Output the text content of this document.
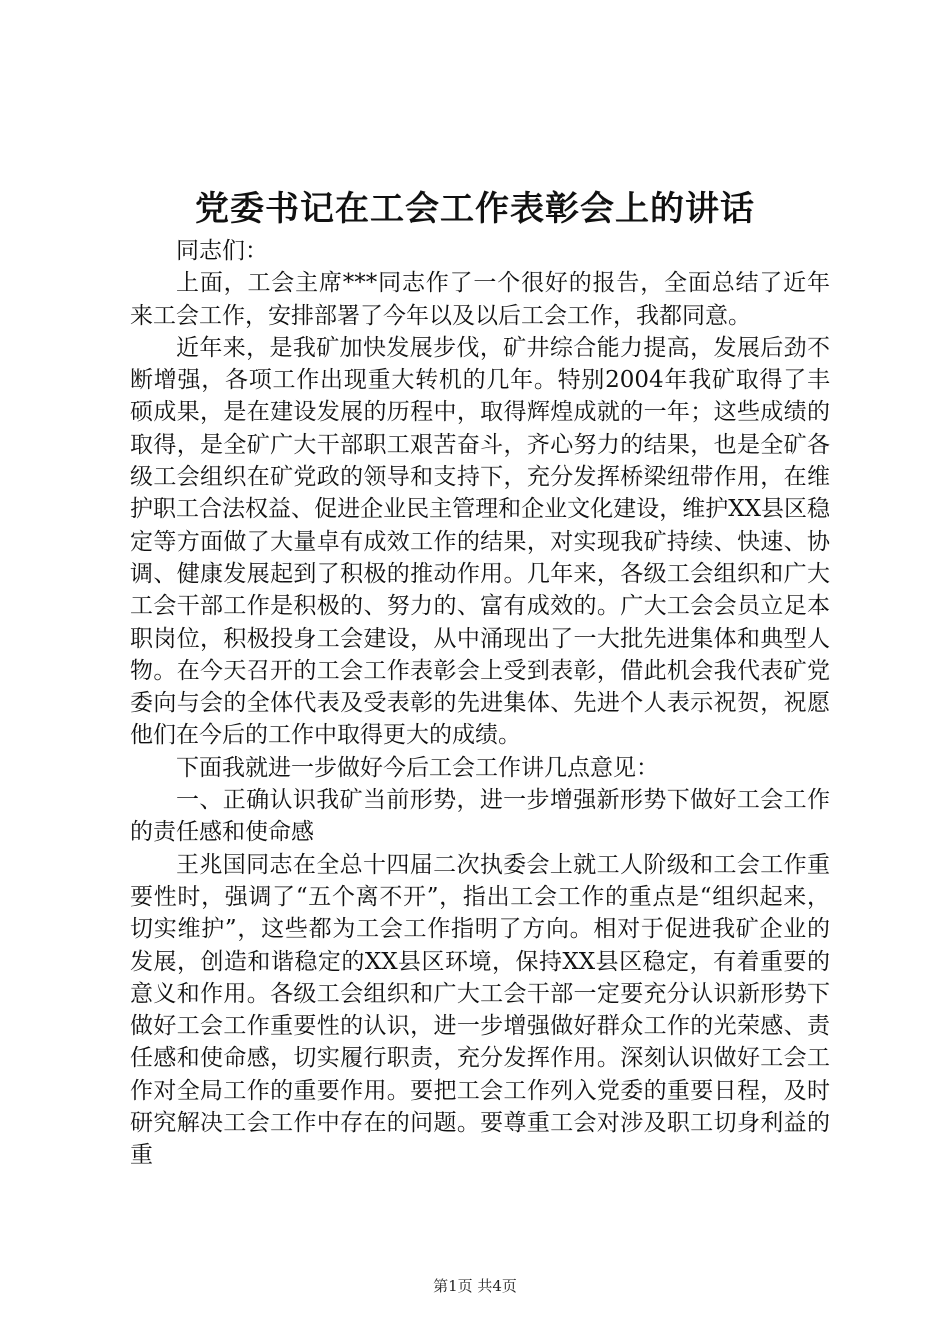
党委书记在工会工作表彰会上的讲话

同志们：

上面，工会主席***同志作了一个很好的报告，全面总结了近年来工会工作，安排部署了今年以及以后工会工作，我都同意。

近年来，是我矿加快发展步伐，矿井综合能力提高，发展后劲不断增强，各项工作出现重大转机的几年。特别2004年我矿取得了丰硕成果，是在建设发展的历程中，取得辉煌成就的一年；这些成绩的取得，是全矿广大干部职工艰苦奋斗，齐心努力的结果，也是全矿各级工会组织在矿党政的领导和支持下，充分发挥桥梁纽带作用，在维护职工合法权益、促进企业民主管理和企业文化建设，维护XX县区稳定等方面做了大量卓有成效工作的结果，对实现我矿持续、快速、协调、健康发展起到了积极的推动作用。几年来，各级工会组织和广大工会干部工作是积极的、努力的、富有成效的。广大工会会员立足本职岗位，积极投身工会建设，从中涌现出了一大批先进集体和典型人物。在今天召开的工会工作表彰会上受到表彰，借此机会我代表矿党委向与会的全体代表及受表彰的先进集体、先进个人表示祝贺，祝愿他们在今后的工作中取得更大的成绩。

下面我就进一步做好今后工会工作讲几点意见：

一、正确认识我矿当前形势，进一步增强新形势下做好工会工作的责任感和使命感

王兆国同志在全总十四届二次执委会上就工人阶级和工会工作重要性时，强调了“五个离不开”，指出工会工作的重点是“组织起来，切实维护”，这些都为工会工作指明了方向。相对于促进我矿企业的发展，创造和谐稳定的XX县区环境，保持XX县区稳定，有着重要的意义和作用。各级工会组织和广大工会干部一定要充分认识新形势下做好工会工作重要性的认识，进一步增强做好群众工作的光荣感、责任感和使命感，切实履行职责，充分发挥作用。深刻认识做好工会工作对全局工作的重要作用。要把工会工作列入党委的重要日程，及时研究解决工会工作中存在的问题。要尊重工会对涉及职工切身利益的重

第1页 共4页
